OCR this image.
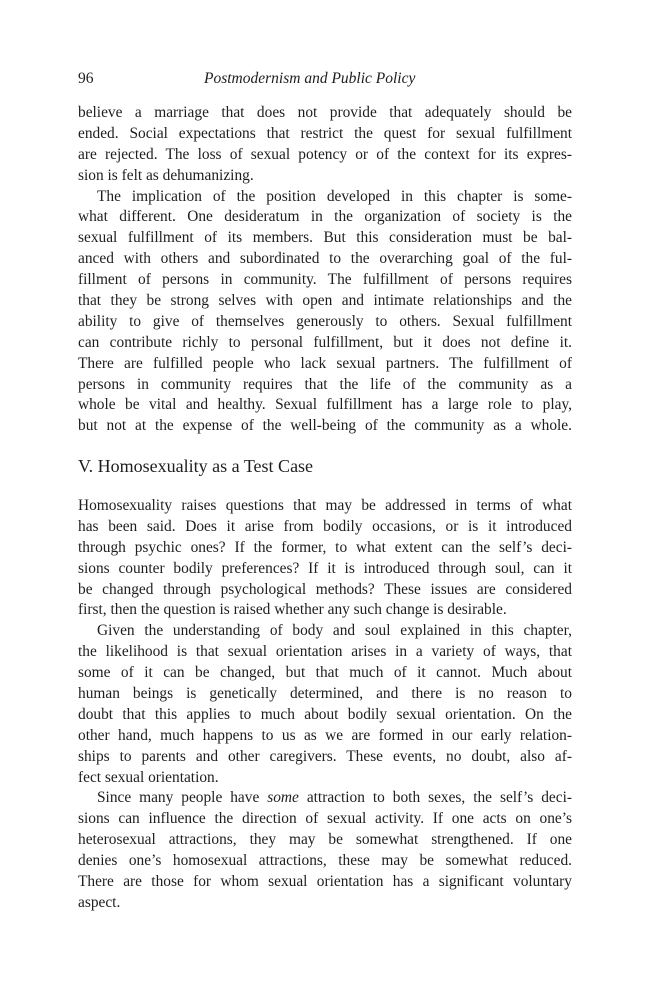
96	Postmodernism and Public Policy
believe a marriage that does not provide that adequately should be
ended. Social expectations that restrict the quest for sexual fulfillment
are rejected. The loss of sexual potency or of the context for its expres-
sion is felt as dehumanizing.
The implication of the position developed in this chapter is some-
what different. One desideratum in the organization of society is the
sexual fulfillment of its members. But this consideration must be bal-
anced with others and subordinated to the overarching goal of the ful-
fillment of persons in community. The fulfillment of persons requires
that they be strong selves with open and intimate relationships and the
ability to give of themselves generously to others. Sexual fulfillment
can contribute richly to personal fulfillment, but it does not define it.
There are fulfilled people who lack sexual partners. The fulfillment of
persons in community requires that the life of the community as a
whole be vital and healthy. Sexual fulfillment has a large role to play,
but not at the expense of the well-being of the community as a whole.
V. Homosexuality as a Test Case
Homosexuality raises questions that may be addressed in terms of what
has been said. Does it arise from bodily occasions, or is it introduced
through psychic ones? If the former, to what extent can the self’s deci-
sions counter bodily preferences? If it is introduced through soul, can it
be changed through psychological methods? These issues are considered
first, then the question is raised whether any such change is desirable.
Given the understanding of body and soul explained in this chapter,
the likelihood is that sexual orientation arises in a variety of ways, that
some of it can be changed, but that much of it cannot. Much about
human beings is genetically determined, and there is no reason to
doubt that this applies to much about bodily sexual orientation. On the
other hand, much happens to us as we are formed in our early relation-
ships to parents and other caregivers. These events, no doubt, also af-
fect sexual orientation.
Since many people have some attraction to both sexes, the self’s deci-
sions can influence the direction of sexual activity. If one acts on one’s
heterosexual attractions, they may be somewhat strengthened. If one
denies one’s homosexual attractions, these may be somewhat reduced.
There are those for whom sexual orientation has a significant voluntary
aspect.
